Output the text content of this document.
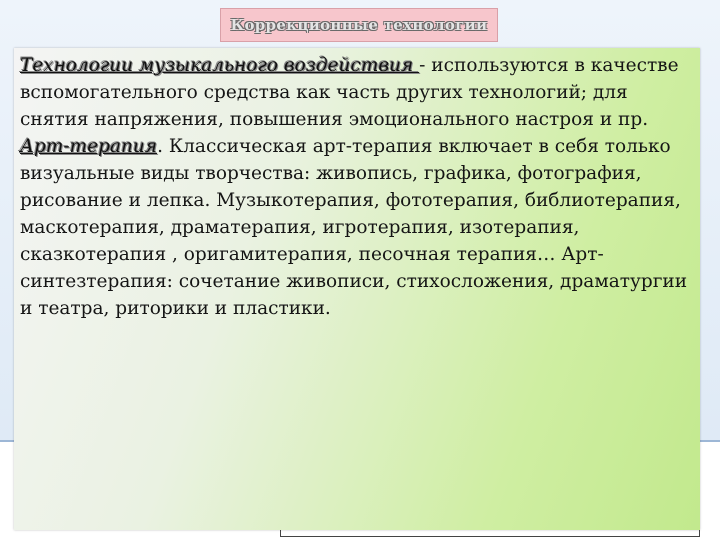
Коррекционные технологии

Технологии музыкального воздействия - используются в качестве вспомогательного средства как часть других технологий; для снятия напряжения, повышения эмоционального настроя и пр.
Арт-терапия. Классическая арт-терапия включает в себя только визуальные виды творчества: живопись, графика, фотография, рисование и лепка. Музыкотерапия, фототерапия, библиотерапия, маскотерапия, драматерапия, игротерапия, изотерапия, сказкотерапия , оригамитерапия, песочная терапия… Арт-синтезтерапия: сочетание живописи, стихосложения, драматургии и театра, риторики и пластики.
